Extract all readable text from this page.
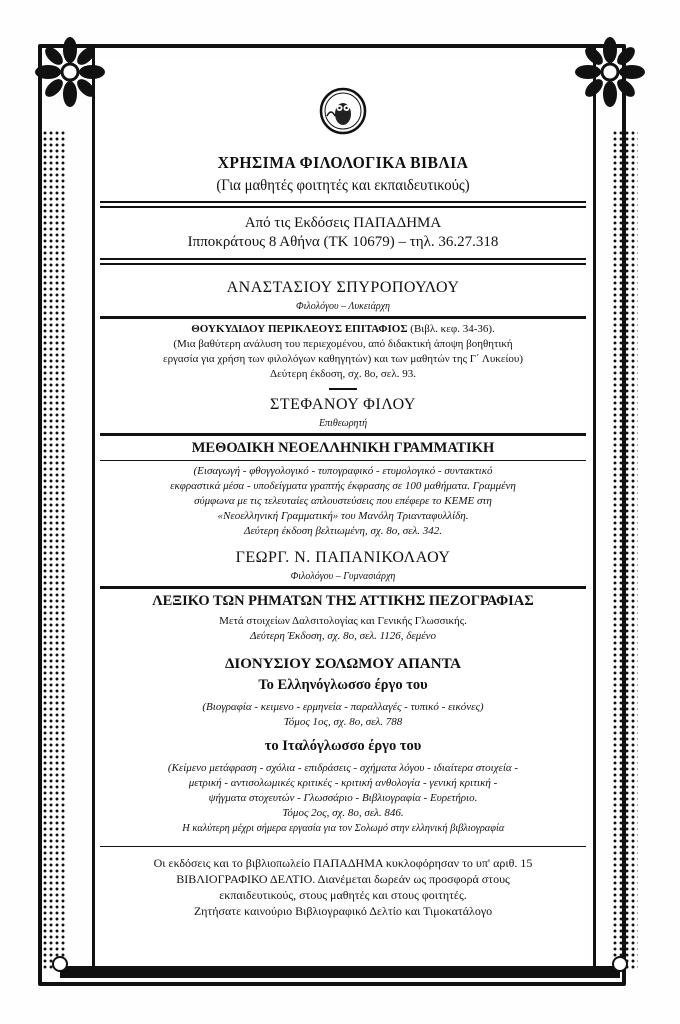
ΧΡΗΣΙΜΑ ΦΙΛΟΛΟΓΙΚΑ ΒΙΒΛΙΑ
(Για μαθητές φοιτητές και εκπαιδευτικούς)
Από τις Εκδόσεις ΠΑΠΑΔΗΜΑ
Ιπποκράτους 8 Αθήνα (ΤΚ 10679) – τηλ. 36.27.318
ΑΝΑΣΤΑΣΙΟΥ ΣΠΥΡΟΠΟΥΛΟΥ
Φιλολόγου – Λυκειάρχη
ΘΟΥΚΥΔΙΔΟΥ ΠΕΡΙΚΛΕΟΥΣ ΕΠΙΤΑΦΙΟΣ (Βιβλ. κεφ. 34-36).
(Μια βαθύτερη ανάλυση του περιεχομένου, από διδακτική άποψη βοηθητική
εργασία για χρήση των φιλολόγων καθηγητών) και των μαθητών της Γ΄ Λυκείου)
Δεύτερη έκδοση, σχ. 8ο, σελ. 93.
ΣΤΕΦΑΝΟΥ ΦΙΛΟΥ
Επιθεωρητή
ΜΕΘΟΔΙΚΗ ΝΕΟΕΛΛΗΝΙΚΗ ΓΡΑΜΜΑΤΙΚΗ
(Εισαγωγή - φθογγολογικό - τυπογραφικό - ετυμολογικό - συντακτικό
εκφραστικά μέσα - υποδείγματα γραπτής έκφρασης σε 100 μαθήματα. Γραμμένη
σύμφωνα με τις τελευταίες απλουστεύσεις που επέφερε το ΚΕΜΕ στη
«Νεοελληνική Γραμματική» του Μανόλη Τριανταφυλλίδη.
Δεύτερη έκδοση βελτιωμένη, σχ. 8ο, σελ. 342.
ΓΕΩΡΓ. Ν. ΠΑΠΑΝΙΚΟΛΑΟΥ
Φιλολόγου – Γυμνασιάρχη
ΛΕΞΙΚΟ ΤΩΝ ΡΗΜΑΤΩΝ ΤΗΣ ΑΤΤΙΚΗΣ ΠΕΖΟΓΡΑΦΙΑΣ
Μετά στοιχείων Δαλσιτολογίας και Γενικής Γλωσσικής.
Δεύτερη Έκδοση, σχ. 8ο, σελ. 1126, δεμένο
ΔΙΟΝΥΣΙΟΥ ΣΟΛΩΜΟΥ ΑΠΑΝΤΑ
Το Ελληνόγλωσσο έργο του
(Βιογραφία - κειμενο - ερμηνεία - παραλλαγές - τυπικό - εικόνες)
Τόμος 1ος, σχ. 8ο, σελ. 788
το Ιταλόγλωσσο έργο του
(Κείμενο μετάφραση - σχόλια - επιδράσεις - σχήματα λόγου - ιδιαίτερα στοιχεία -
μετρική - αντισολωμικές κριτικές - κριτική ανθολογία - γενική κριτική -
ψήγματα στοχευτών - Γλωσσάριο - Βιβλιογραφία - Ευρετήριο.
Τόμος 2ος, σχ. 8ο, σελ. 846.
Η καλύτερη μέχρι σήμερα εργασία για τον Σολωμό στην ελληνική βιβλιογραφία
Οι εκδόσεις και το βιβλιοπωλείο ΠΑΠΑΔΗΜΑ κυκλοφόρησαν το υπ' αριθ. 15
ΒΙΒΛΙΟΓΡΑΦΙΚΟ ΔΕΛΤΙΟ. Διανέμεται δωρεάν ως προσφορά στους
εκπαιδευτικούς, στους μαθητές και στους φοιτητές.
Ζητήσατε καινούριο Βιβλιογραφικό Δελτίο και Τιμοκατάλογο
